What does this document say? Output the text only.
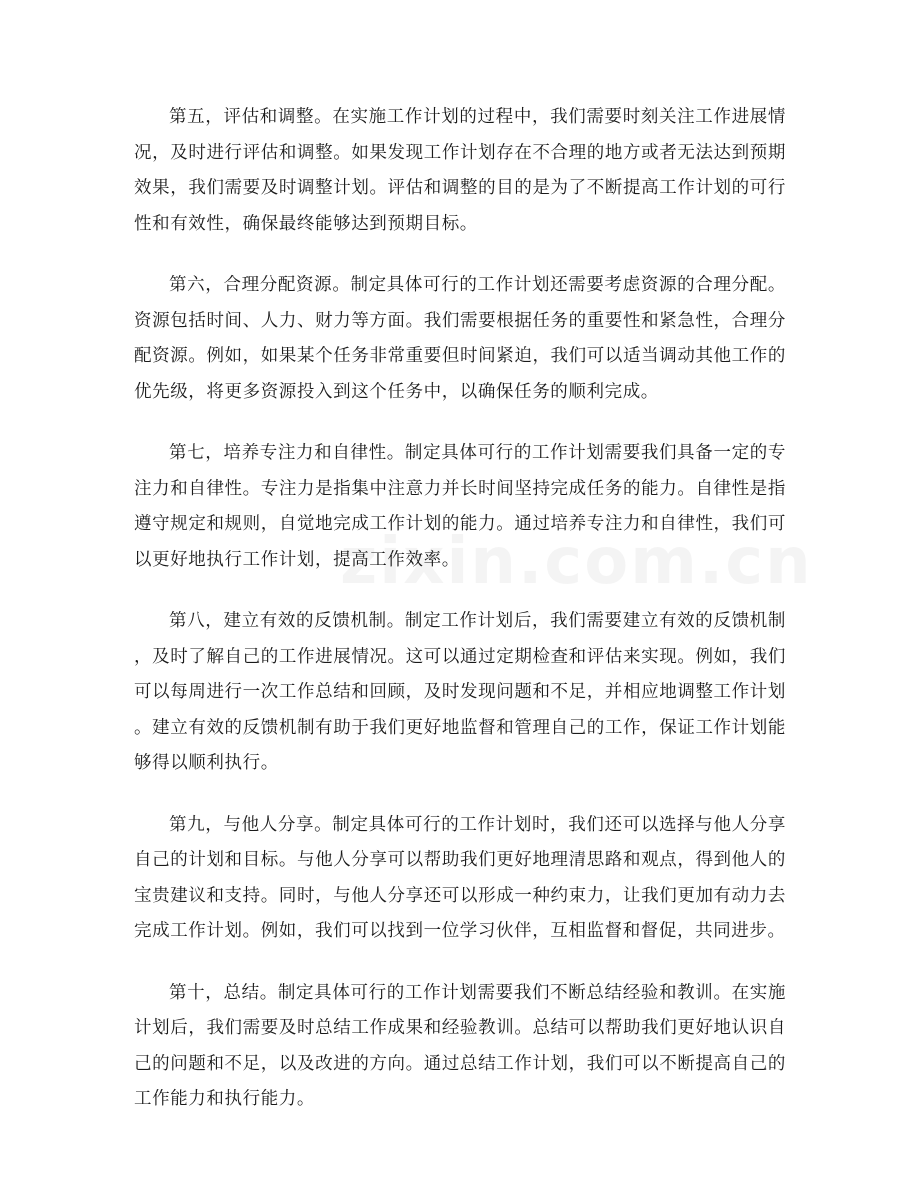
第五，评估和调整。在实施工作计划的过程中，我们需要时刻关注工作进展情况，及时进行评估和调整。如果发现工作计划存在不合理的地方或者无法达到预期效果，我们需要及时调整计划。评估和调整的目的是为了不断提高工作计划的可行性和有效性，确保最终能够达到预期目标。

第六，合理分配资源。制定具体可行的工作计划还需要考虑资源的合理分配。资源包括时间、人力、财力等方面。我们需要根据任务的重要性和紧急性，合理分配资源。例如，如果某个任务非常重要但时间紧迫，我们可以适当调动其他工作的优先级，将更多资源投入到这个任务中，以确保任务的顺利完成。

第七，培养专注力和自律性。制定具体可行的工作计划需要我们具备一定的专注力和自律性。专注力是指集中注意力并长时间坚持完成任务的能力。自律性是指遵守规定和规则，自觉地完成工作计划的能力。通过培养专注力和自律性，我们可以更好地执行工作计划，提高工作效率。

第八，建立有效的反馈机制。制定工作计划后，我们需要建立有效的反馈机制，及时了解自己的工作进展情况。这可以通过定期检查和评估来实现。例如，我们可以每周进行一次工作总结和回顾，及时发现问题和不足，并相应地调整工作计划。建立有效的反馈机制有助于我们更好地监督和管理自己的工作，保证工作计划能够得以顺利执行。

第九，与他人分享。制定具体可行的工作计划时，我们还可以选择与他人分享自己的计划和目标。与他人分享可以帮助我们更好地理清思路和观点，得到他人的宝贵建议和支持。同时，与他人分享还可以形成一种约束力，让我们更加有动力去完成工作计划。例如，我们可以找到一位学习伙伴，互相监督和督促，共同进步。

第十，总结。制定具体可行的工作计划需要我们不断总结经验和教训。在实施计划后，我们需要及时总结工作成果和经验教训。总结可以帮助我们更好地认识自己的问题和不足，以及改进的方向。通过总结工作计划，我们可以不断提高自己的工作能力和执行能力。
